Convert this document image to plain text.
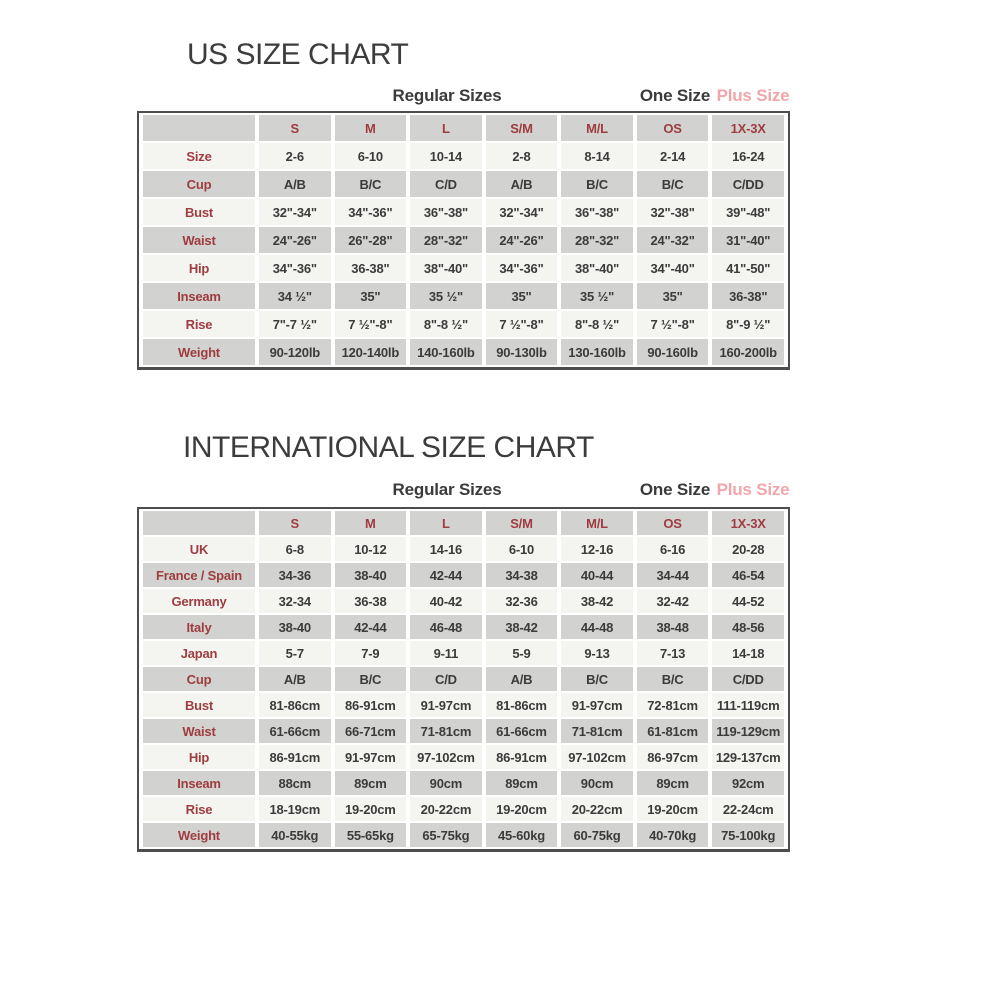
US SIZE CHART
Regular Sizes	One Size Plus Size
	S	M	L	S/M	M/L	OS	1X-3X
Size	2-6	6-10	10-14	2-8	8-14	2-14	16-24
Cup	A/B	B/C	C/D	A/B	B/C	B/C	C/DD
Bust	32"-34"	34"-36"	36"-38"	32"-34"	36"-38"	32"-38"	39"-48"
Waist	24"-26"	26"-28"	28"-32"	24"-26"	28"-32"	24"-32"	31"-40"
Hip	34"-36"	36-38"	38"-40"	34"-36"	38"-40"	34"-40"	41"-50"
Inseam	34 ½"	35"	35 ½"	35"	35 ½"	35"	36-38"
Rise	7"-7 ½"	7 ½"-8"	8"-8 ½"	7 ½"-8"	8"-8 ½"	7 ½"-8"	8"-9 ½"
Weight	90-120lb	120-140lb	140-160lb	90-130lb	130-160lb	90-160lb	160-200lb
INTERNATIONAL SIZE CHART
Regular Sizes	One Size Plus Size
	S	M	L	S/M	M/L	OS	1X-3X
UK	6-8	10-12	14-16	6-10	12-16	6-16	20-28
France / Spain	34-36	38-40	42-44	34-38	40-44	34-44	46-54
Germany	32-34	36-38	40-42	32-36	38-42	32-42	44-52
Italy	38-40	42-44	46-48	38-42	44-48	38-48	48-56
Japan	5-7	7-9	9-11	5-9	9-13	7-13	14-18
Cup	A/B	B/C	C/D	A/B	B/C	B/C	C/DD
Bust	81-86cm	86-91cm	91-97cm	81-86cm	91-97cm	72-81cm	111-119cm
Waist	61-66cm	66-71cm	71-81cm	61-66cm	71-81cm	61-81cm	119-129cm
Hip	86-91cm	91-97cm	97-102cm	86-91cm	97-102cm	86-97cm	129-137cm
Inseam	88cm	89cm	90cm	89cm	90cm	89cm	92cm
Rise	18-19cm	19-20cm	20-22cm	19-20cm	20-22cm	19-20cm	22-24cm
Weight	40-55kg	55-65kg	65-75kg	45-60kg	60-75kg	40-70kg	75-100kg
